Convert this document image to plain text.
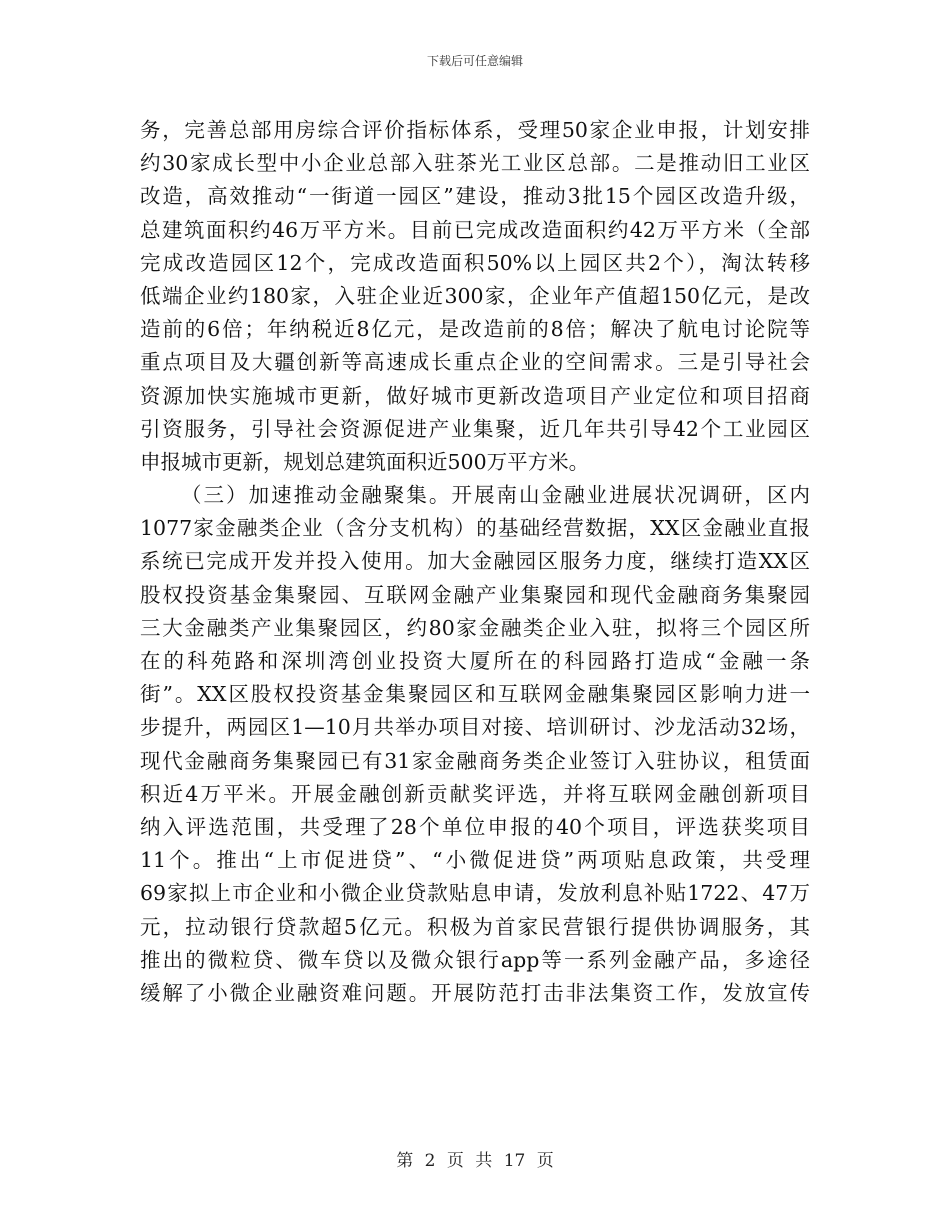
下载后可任意编辑
务，完善总部用房综合评价指标体系，受理50家企业申报，计划安排
约30家成长型中小企业总部入驻茶光工业区总部。二是推动旧工业区
改造，高效推动“一街道一园区”建设，推动3批15个园区改造升级，
总建筑面积约46万平方米。目前已完成改造面积约42万平方米（全部
完成改造园区12个，完成改造面积50%以上园区共2个），淘汰转移
低端企业约180家，入驻企业近300家，企业年产值超150亿元，是改
造前的6倍；年纳税近8亿元，是改造前的8倍；解决了航电讨论院等
重点项目及大疆创新等高速成长重点企业的空间需求。三是引导社会
资源加快实施城市更新，做好城市更新改造项目产业定位和项目招商
引资服务，引导社会资源促进产业集聚，近几年共引导42个工业园区
申报城市更新，规划总建筑面积近500万平方米。
（三）加速推动金融聚集。开展南山金融业进展状况调研，区内
1077家金融类企业（含分支机构）的基础经营数据，XX区金融业直报
系统已完成开发并投入使用。加大金融园区服务力度，继续打造XX区
股权投资基金集聚园、互联网金融产业集聚园和现代金融商务集聚园
三大金融类产业集聚园区，约80家金融类企业入驻，拟将三个园区所
在的科苑路和深圳湾创业投资大厦所在的科园路打造成“金融一条
街”。XX区股权投资基金集聚园区和互联网金融集聚园区影响力进一
步提升，两园区1—10月共举办项目对接、培训研讨、沙龙活动32场，
现代金融商务集聚园已有31家金融商务类企业签订入驻协议，租赁面
积近4万平米。开展金融创新贡献奖评选，并将互联网金融创新项目
纳入评选范围，共受理了28个单位申报的40个项目，评选获奖项目
11个。推出“上市促进贷”、“小微促进贷”两项贴息政策，共受理
69家拟上市企业和小微企业贷款贴息申请，发放利息补贴1722、47万
元，拉动银行贷款超5亿元。积极为首家民营银行提供协调服务，其
推出的微粒贷、微车贷以及微众银行app等一系列金融产品，多途径
缓解了小微企业融资难问题。开展防范打击非法集资工作，发放宣传
第 2 页 共 17 页
